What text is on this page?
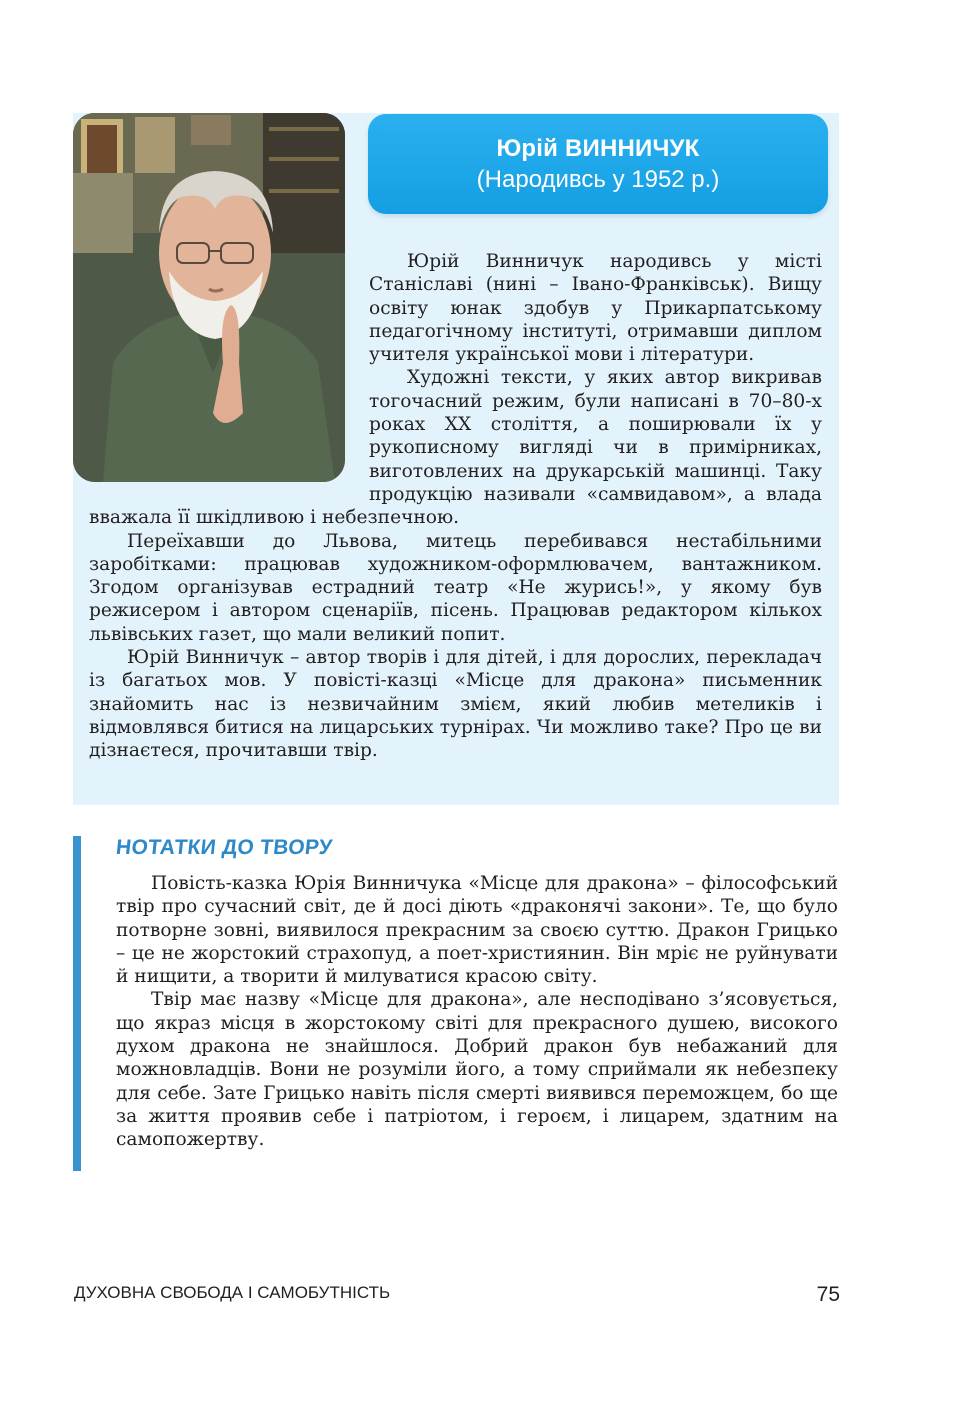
Юрій ВИННИЧУК
(Народивсь у 1952 р.)

Юрій Винничук народивсь у місті Станіславі (нині – Івано-Франківськ). Вищу освіту юнак здобув у Прикарпатському педагогічному інституті, отримавши диплом учителя української мови і літератури.

Художні тексти, у яких автор викривав тогочасний режим, були написані в 70–80-х роках XX століття, а поширювали їх у рукописному вигляді чи в примірниках, виготовлених на друкарській машинці. Таку продукцію називали «самвидавом», а влада вважала її шкідливою і небезпечною.

Переїхавши до Львова, митець перебивався нестабільними заробітками: працював художником-оформлювачем, вантажником. Згодом організував естрадний театр «Не журись!», у якому був режисером і автором сценаріїв, пісень. Працював редактором кількох львівських газет, що мали великий попит.

Юрій Винничук – автор творів і для дітей, і для дорослих, перекладач із багатьох мов. У повісті-казці «Місце для дракона» письменник знайомить нас із незвичайним змієм, який любив метеликів і відмовлявся битися на лицарських турнірах. Чи можливо таке? Про це ви дізнаєтеся, прочитавши твір.

НОТАТКИ ДО ТВОРУ

Повість-казка Юрія Винничука «Місце для дракона» – філософський твір про сучасний світ, де й досі діють «драконячі закони». Те, що було потворне зовні, виявилося прекрасним за своєю суттю. Дракон Грицько – це не жорстокий страхопуд, а поет-християнин. Він мріє не руйнувати й нищити, а творити й милуватися красою світу.

Твір має назву «Місце для дракона», але несподівано з’ясовується, що якраз місця в жорстокому світі для прекрасного душею, високого духом дракона не знайшлося. Добрий дракон був небажаний для можновладців. Вони не розуміли його, а тому сприймали як небезпеку для себе. Зате Грицько навіть після смерті виявився переможцем, бо ще за життя проявив себе і патріотом, і героєм, і лицарем, здатним на самопожертву.

ДУХОВНА СВОБОДА І САМОБУТНІСТЬ	75
